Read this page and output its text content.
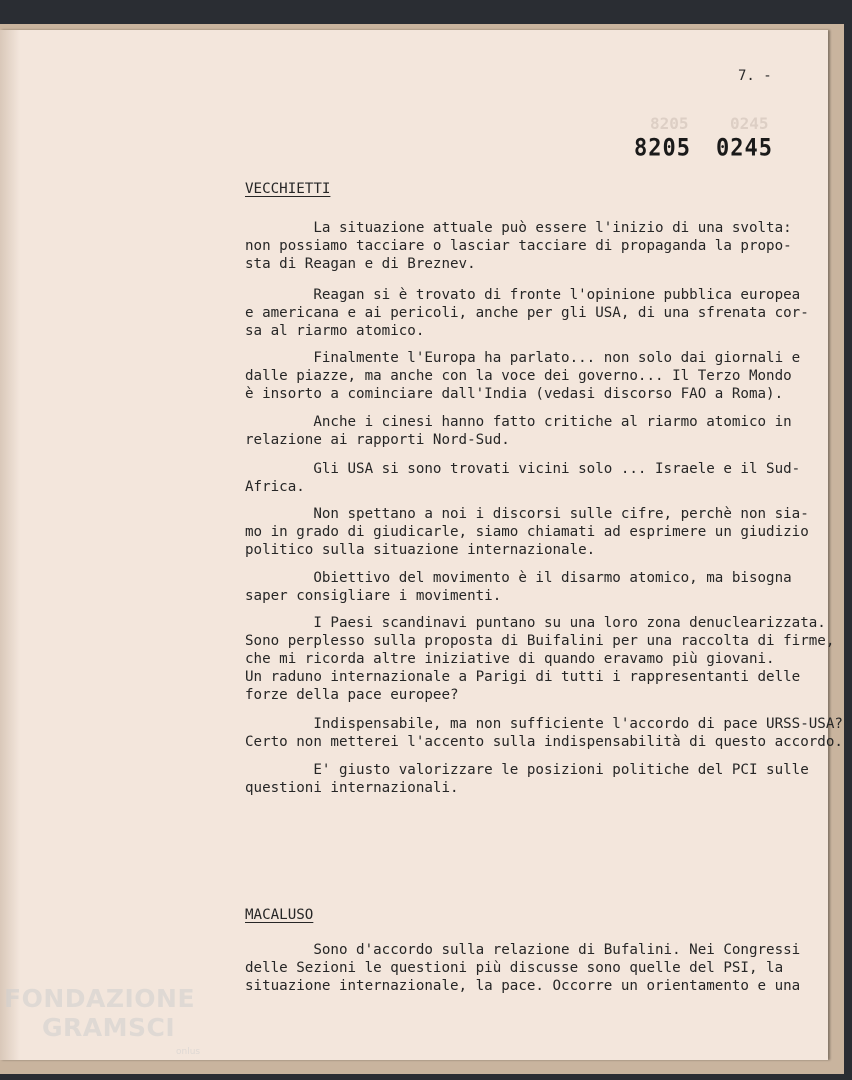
8205	0245
7. -
8205 0245
VECCHIETTI
La situazione attuale può essere l'inizio di una svolta:
non possiamo tacciare o lasciar tacciare di propaganda la propo-
sta di Reagan e di Breznev.
Reagan si è trovato di fronte l'opinione pubblica europea
e americana e ai pericoli, anche per gli USA, di una sfrenata
sa al riarmo atomico.
Finalmente l'Europa ha parlato... non solo dai giornali
dalle piazze, ma anche con la voce dei governo... Il Terzo Mondo
è insorto a cominciare dall'India (vedasi discorso FAO a Roma).
Anche i cinesi hanno fatto critiche al riarmo atomico in
relazione ai rapporti Nord-Sud.
Gli USA si sono trovati vicini solo ... Israele e il Sud-
Africa.
Non spettano a noi i discorsi sulle cifre, perchè non
mo in grado di giudicarle, siamo chiamati ad esprimere un giudizio
politico sulla situazione internazionale.
Obiettivo del movimento è il disarmo atomico, ma bisogna
saper consigliare i movimenti.
I Paesi scandinavi puntano su una loro zona denuclearizzata.
Sono perplesso sulla proposta di Buifalini per una raccolta di
che mi ricorda altre iniziative di quando eravamo più giovani.
Un raduno internazionale a Parigi di tutti i rappresentanti delle
forze della pace europee?
Indispensabile, ma non sufficiente l'accordo di pace
Certo non metterei l'accento sulla indispensabilità di questo
E' giusto valorizzare le posizioni politiche del PCI
questioni internazionali.
MACALUSO
Sono d'accordo sulla relazione di Bufalini. Nei Congressi
delle Sezioni le questioni più discusse sono quelle del PSI, la
situazione internazionale, la pace. Occorre un orientamento e
FONDAZIONE
GRAMSCI
onlus
